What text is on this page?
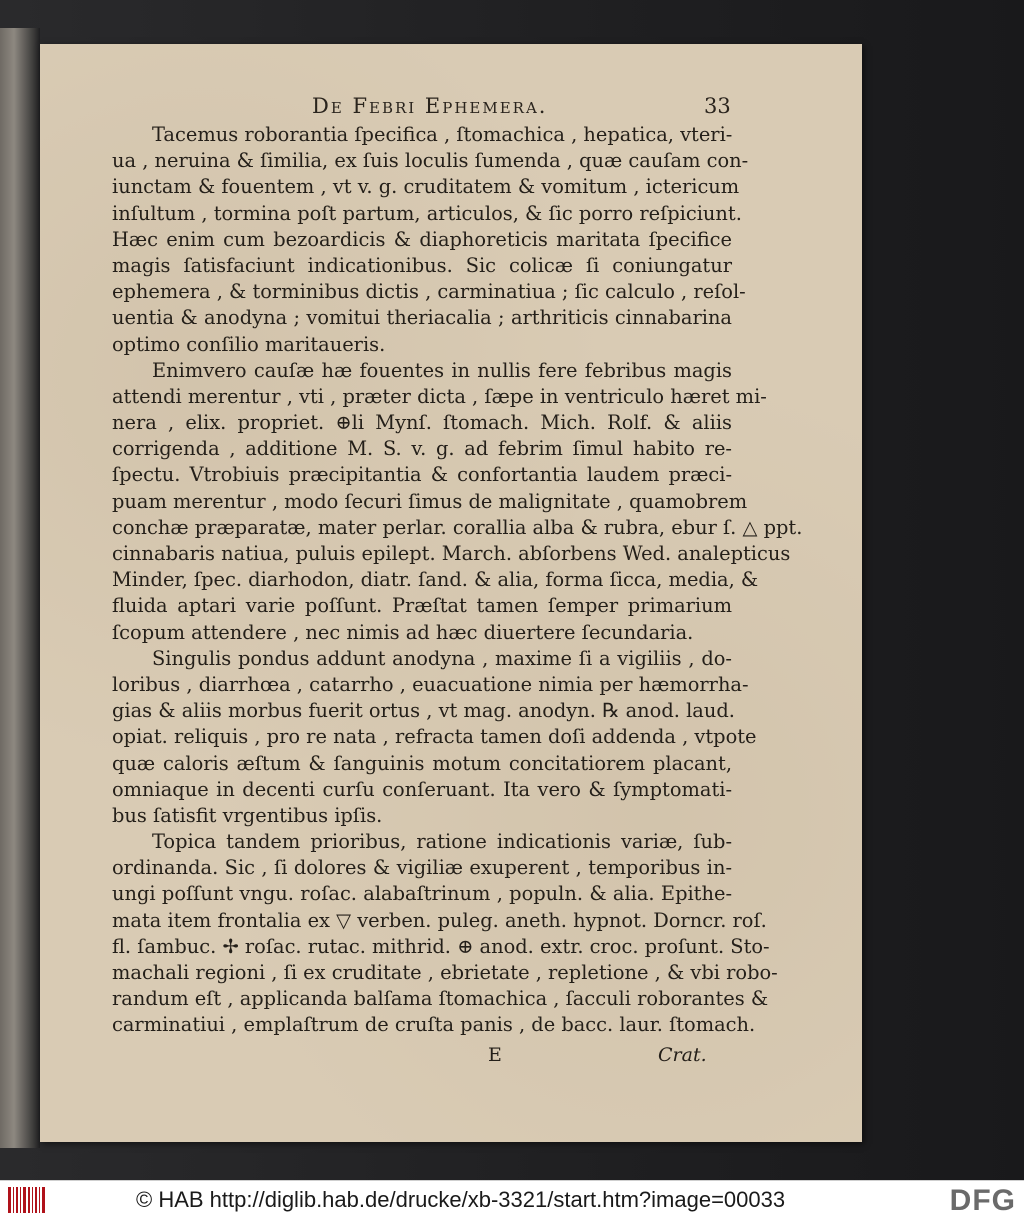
De Febri Ephemera.	33
Tacemus roborantia ſpecifica , ſtomachica , hepatica, vteri-
ua , neruina & ſimilia, ex ſuis loculis ſumenda , quæ cauſam con-
iunctam & fouentem , vt v. g. cruditatem & vomitum , ictericum
inſultum , tormina poſt partum, articulos, & ſic porro reſpiciunt.
Hæc enim cum bezoardicis & diaphoreticis maritata ſpecifice
magis ſatisfaciunt indicationibus. Sic colicæ ſi coniungatur
ephemera , & torminibus dictis , carminatiua ; ſic calculo , reſol-
uentia & anodyna ; vomitui theriacalia ; arthriticis cinnabarina
optimo conſilio maritaueris.
Enimvero cauſæ hæ fouentes in nullis fere febribus magis
attendi merentur , vti , præter dicta , ſæpe in ventriculo hæret mi-
nera , elix. propriet. ⊕li Mynſ. ſtomach. Mich. Rolf. & aliis
corrigenda , additione M. S. v. g. ad febrim ſimul habito re-
ſpectu. Vtrobiuis præcipitantia & confortantia laudem præci-
puam merentur , modo ſecuri ſimus de malignitate , quamobrem
conchæ præparatæ, mater perlar. corallia alba & rubra, ebur ſ. △ ppt.
cinnabaris natiua, puluis epilept. March. abſorbens Wed. analepticus
Minder, ſpec. diarhodon, diatr. ſand. & alia, forma ſicca, media, &
fluida aptari varie poſſunt. Præſtat tamen ſemper primarium
ſcopum attendere , nec nimis ad hæc diuertere ſecundaria.
Singulis pondus addunt anodyna , maxime ſi a vigiliis , do-
loribus , diarrhœa , catarrho , euacuatione nimia per hæmorrha-
gias & aliis morbus fuerit ortus , vt mag. anodyn. ℞ anod. laud.
opiat. reliquis , pro re nata , refracta tamen doſi addenda , vtpote
quæ caloris æſtum & ſanguinis motum concitatiorem placant,
omniaque in decenti curſu conſeruant. Ita vero & ſymptomati-
bus ſatisfit vrgentibus ipſis.
Topica tandem prioribus, ratione indicationis variæ, ſub-
ordinanda. Sic , ſi dolores & vigiliæ exuperent , temporibus in-
ungi poſſunt vngu. roſac. alabaſtrinum , populn. & alia. Epithe-
mata item frontalia ex ▽ verben. puleg. aneth. hypnot. Dorncr. roſ.
fl. ſambuc. ✢ roſac. rutac. mithrid. ⊕ anod. extr. croc. proſunt. Sto-
machali regioni , ſi ex cruditate , ebrietate , repletione , & vbi robo-
randum eſt , applicanda balſama ſtomachica , ſacculi roborantes &
carminatiui , emplaſtrum de cruſta panis , de bacc. laur. ſtomach.
E	Crat.
© HAB http://diglib.hab.de/drucke/xb-3321/start.htm?image=00033	DFG
